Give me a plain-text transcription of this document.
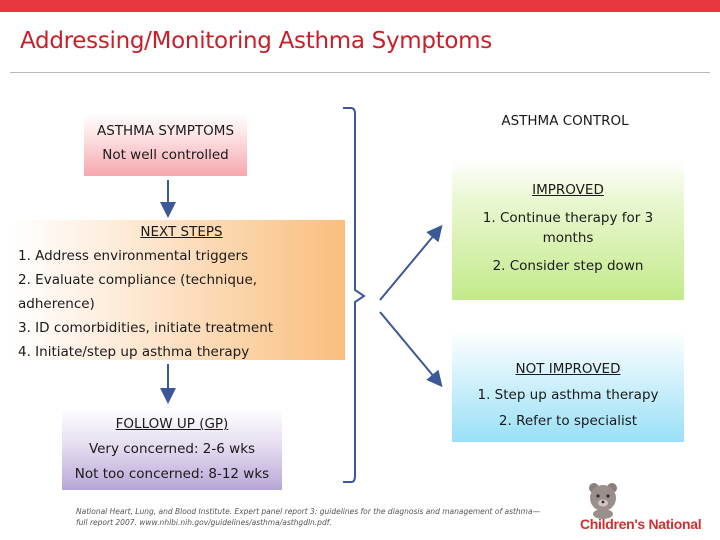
Addressing/Monitoring Asthma Symptoms
ASTHMA SYMPTOMS
Not well controlled
NEXT STEPS
1. Address environmental triggers
2. Evaluate compliance (technique,
adherence)
3. ID comorbidities, initiate treatment
4. Initiate/step up asthma therapy
FOLLOW UP (GP)
Very concerned: 2-6 wks
Not too concerned: 8-12 wks
ASTHMA CONTROL
IMPROVED
1. Continue therapy for 3 months
2. Consider step down
NOT IMPROVED
1. Step up asthma therapy
2. Refer to specialist
National Heart, Lung, and Blood Institute. Expert panel report 3: guidelines for the diagnosis and management of asthma—full report 2007. www.nhlbi.nih.gov/guidelines/asthma/asthgdln.pdf.	Children's National
